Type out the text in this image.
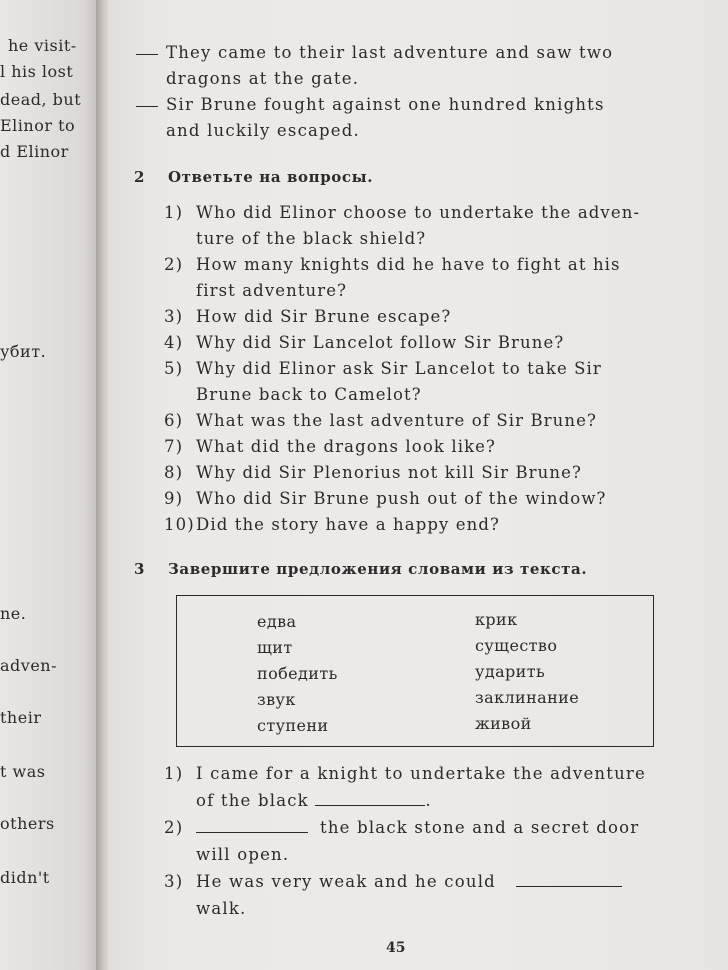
he visit-
l his lost
dead, but
Elinor to
d Elinor
убит.
ne.
adven-
their
t was
others
didn't
They came to their last adventure and saw two dragons at the gate.
Sir Brune fought against one hundred knights and luckily escaped.
2 Ответьте на вопросы.
1) Who did Elinor choose to undertake the adven-ture of the black shield?
2) How many knights did he have to fight at his first adventure?
3) How did Sir Brune escape?
4) Why did Sir Lancelot follow Sir Brune?
5) Why did Elinor ask Sir Lancelot to take Sir Brune back to Camelot?
6) What was the last adventure of Sir Brune?
7) What did the dragons look like?
8) Why did Sir Plenorius not kill Sir Brune?
9) Who did Sir Brune push out of the window?
10) Did the story have a happy end?
3 Завершите предложения словами из текста.
едва
щит
победить
звук
ступени
крик
существо
ударить
заклинание
живой
1) I came for a knight to undertake the adventure of the black	.
2)	the black stone and a secret door will open.
3) He was very weak and he could  walk.
45
